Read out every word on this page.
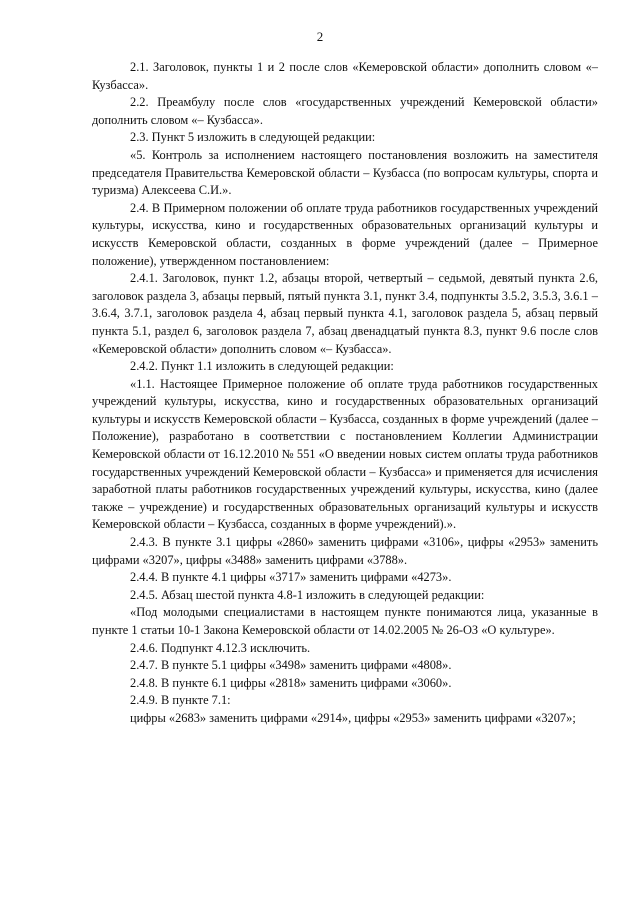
2

2.1. Заголовок, пункты 1 и 2 после слов «Кемеровской области» дополнить словом «– Кузбасса».

2.2. Преамбулу после слов «государственных учреждений Кемеровской области» дополнить словом «– Кузбасса».

2.3. Пункт 5 изложить в следующей редакции:

«5. Контроль за исполнением настоящего постановления возложить на заместителя председателя Правительства Кемеровской области – Кузбасса (по вопросам культуры, спорта и туризма) Алексеева С.И.».

2.4. В Примерном положении об оплате труда работников государственных учреждений культуры, искусства, кино и государственных образовательных организаций культуры и искусств Кемеровской области, созданных в форме учреждений (далее – Примерное положение), утвержденном постановлением:

2.4.1. Заголовок, пункт 1.2, абзацы второй, четвертый – седьмой, девятый пункта 2.6, заголовок раздела 3, абзацы первый, пятый пункта 3.1, пункт 3.4, подпункты 3.5.2, 3.5.3, 3.6.1 – 3.6.4, 3.7.1, заголовок раздела 4, абзац первый пункта 4.1, заголовок раздела 5, абзац первый пункта 5.1, раздел 6, заголовок раздела 7, абзац двенадцатый пункта 8.3, пункт 9.6 после слов «Кемеровской области» дополнить словом «– Кузбасса».

2.4.2. Пункт 1.1 изложить в следующей редакции:

«1.1. Настоящее Примерное положение об оплате труда работников государственных учреждений культуры, искусства, кино и государственных образовательных организаций культуры и искусств Кемеровской области – Кузбасса, созданных в форме учреждений (далее – Положение), разработано в соответствии с постановлением Коллегии Администрации Кемеровской области от 16.12.2010 № 551 «О введении новых систем оплаты труда работников государственных учреждений Кемеровской области – Кузбасса» и применяется для исчисления заработной платы работников государственных учреждений культуры, искусства, кино (далее также – учреждение) и государственных образовательных организаций культуры и искусств Кемеровской области – Кузбасса, созданных в форме учреждений).».

2.4.3. В пункте 3.1 цифры «2860» заменить цифрами «3106», цифры «2953» заменить цифрами «3207», цифры «3488» заменить цифрами «3788».

2.4.4. В пункте 4.1 цифры «3717» заменить цифрами «4273».

2.4.5. Абзац шестой пункта 4.8-1 изложить в следующей редакции:

«Под молодыми специалистами в настоящем пункте понимаются лица, указанные в пункте 1 статьи 10-1 Закона Кемеровской области от 14.02.2005 № 26-ОЗ «О культуре».

2.4.6. Подпункт 4.12.3 исключить.

2.4.7. В пункте 5.1 цифры «3498» заменить цифрами «4808».

2.4.8. В пункте 6.1 цифры «2818» заменить цифрами «3060».

2.4.9. В пункте 7.1:

цифры «2683» заменить цифрами «2914», цифры «2953» заменить цифрами «3207»;
